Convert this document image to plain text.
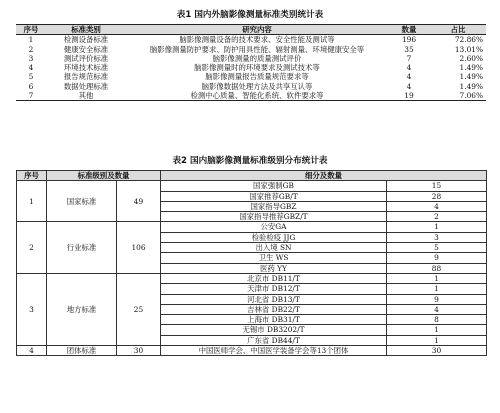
表1 国内外脑影像测量标准类别统计表
序号	标准类别	研究内容	数量	占比
1	检测设备标准	脑影像测量设备的技术要求、安全性能及测试等	196	72.86%
2	健康安全标准	脑影像测量防护要求、防护用具性能、辐射测量、环境健康安全等	35	13.01%
3	测试评价标准	脑影像测量的质量测试评价	7	2.60%
4	环境技术标准	脑影像测量时的环境要求及测试技术等	4	1.49%
5	报告规范标准	脑影像测量报告质量规范要求等	4	1.49%
6	数据处理标准	脑影像数据处理方法及共享互认等	4	1.49%
7	其他	检测中心质量、智能化系统、软件要求等	19	7.06%
表2 国内脑影像测量标准级别分布统计表
序号	标准级别及数量		细分及数量	
1	国家标准	49	国家强制GB	15
			国家推荐GB/T	28
			国家指导GBZ	4
			国家指导推荐GBZ/T	2
2	行业标准	106	公安GA	1
			检验检疫 JJG	3
			出入境 SN	5
			卫生 WS	9
			医药 YY	88
3	地方标准	25	北京市 DB11/T	1
			天津市 DB12/T	1
			河北省 DB13/T	9
			吉林省 DB22/T	4
			上海市 DB31/T	8
			无锡市 DB3202/T	1
			广东省 DB44/T	1
4	团体标准	30	中国医师学会、中国医学装备学会等13个团体	30
